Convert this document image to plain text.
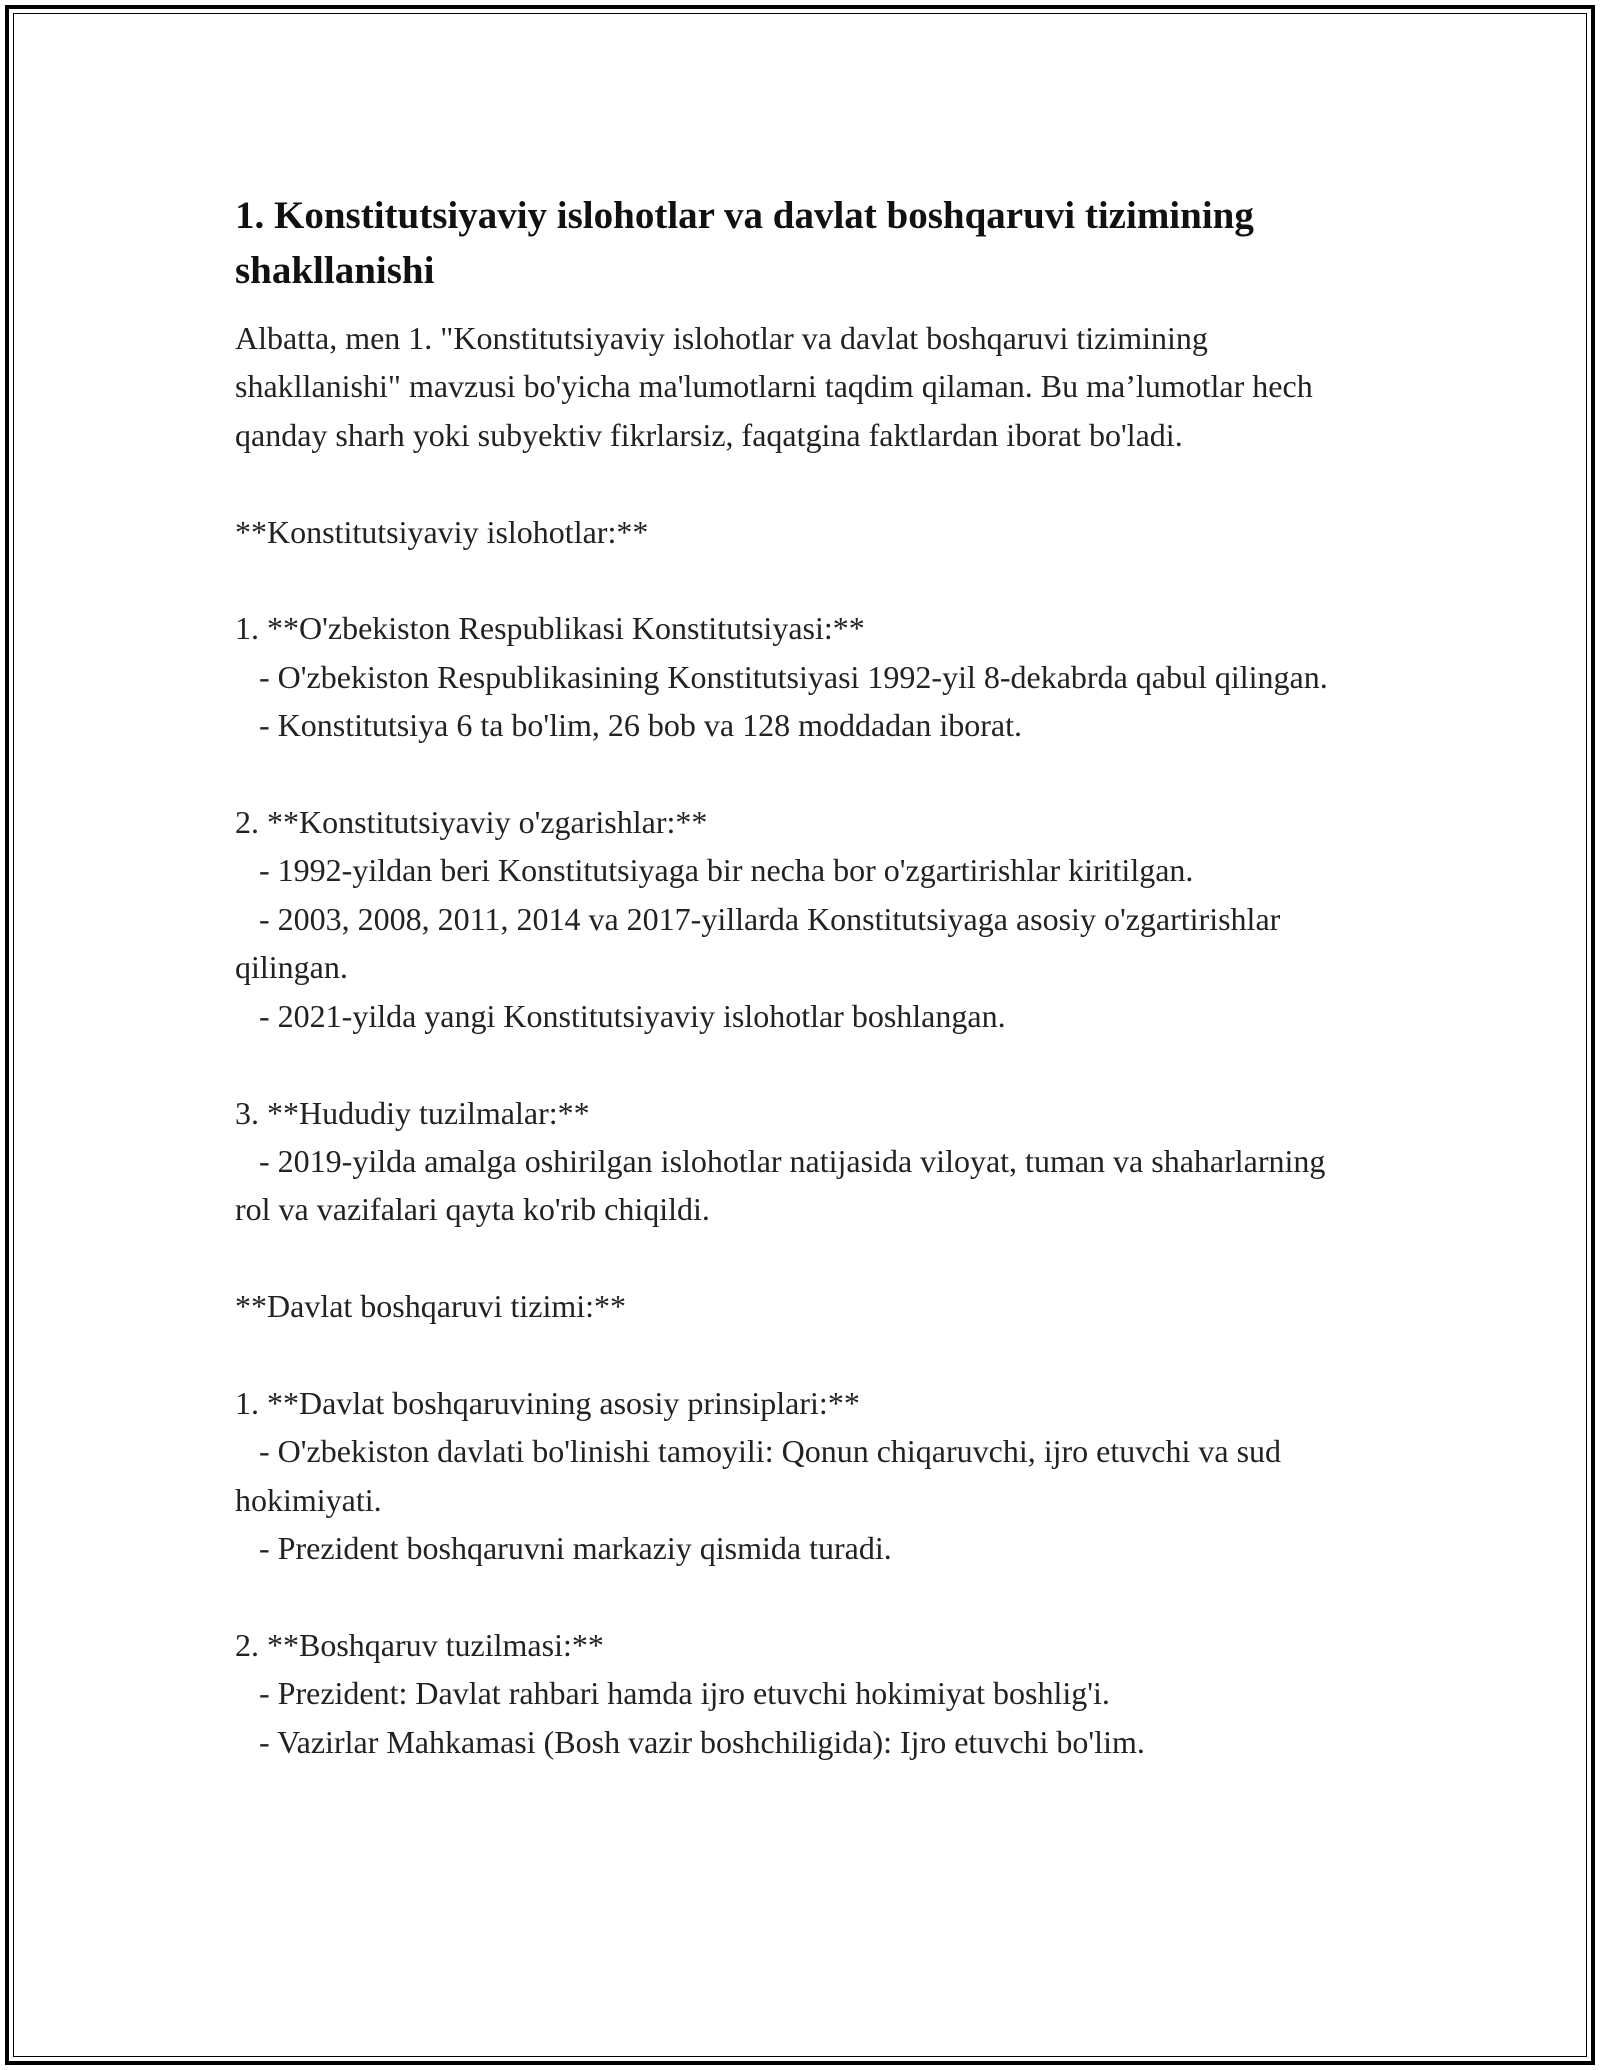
1. Konstitutsiyaviy islohotlar va davlat boshqaruvi tizimining shakllanishi

Albatta, men 1. "Konstitutsiyaviy islohotlar va davlat boshqaruvi tizimining shakllanishi" mavzusi bo'yicha ma'lumotlarni taqdim qilaman. Bu ma’lumotlar hech qanday sharh yoki subyektiv fikrlarsiz, faqatgina faktlardan iborat bo'ladi.

**Konstitutsiyaviy islohotlar:**

1. **O'zbekiston Respublikasi Konstitutsiyasi:**
- O'zbekiston Respublikasining Konstitutsiyasi 1992-yil 8-dekabrda qabul qilingan.
- Konstitutsiya 6 ta bo'lim, 26 bob va 128 moddadan iborat.

2. **Konstitutsiyaviy o'zgarishlar:**
- 1992-yildan beri Konstitutsiyaga bir necha bor o'zgartirishlar kiritilgan.
- 2003, 2008, 2011, 2014 va 2017-yillarda Konstitutsiyaga asosiy o'zgartirishlar qilingan.
- 2021-yilda yangi Konstitutsiyaviy islohotlar boshlangan.

3. **Hududiy tuzilmalar:**
- 2019-yilda amalga oshirilgan islohotlar natijasida viloyat, tuman va shaharlarning rol va vazifalari qayta ko'rib chiqildi.

**Davlat boshqaruvi tizimi:**

1. **Davlat boshqaruvining asosiy prinsiplari:**
- O'zbekiston davlati bo'linishi tamoyili: Qonun chiqaruvchi, ijro etuvchi va sud hokimiyati.
- Prezident boshqaruvni markaziy qismida turadi.

2. **Boshqaruv tuzilmasi:**
- Prezident: Davlat rahbari hamda ijro etuvchi hokimiyat boshlig'i.
- Vazirlar Mahkamasi (Bosh vazir boshchiligida): Ijro etuvchi bo'lim.
